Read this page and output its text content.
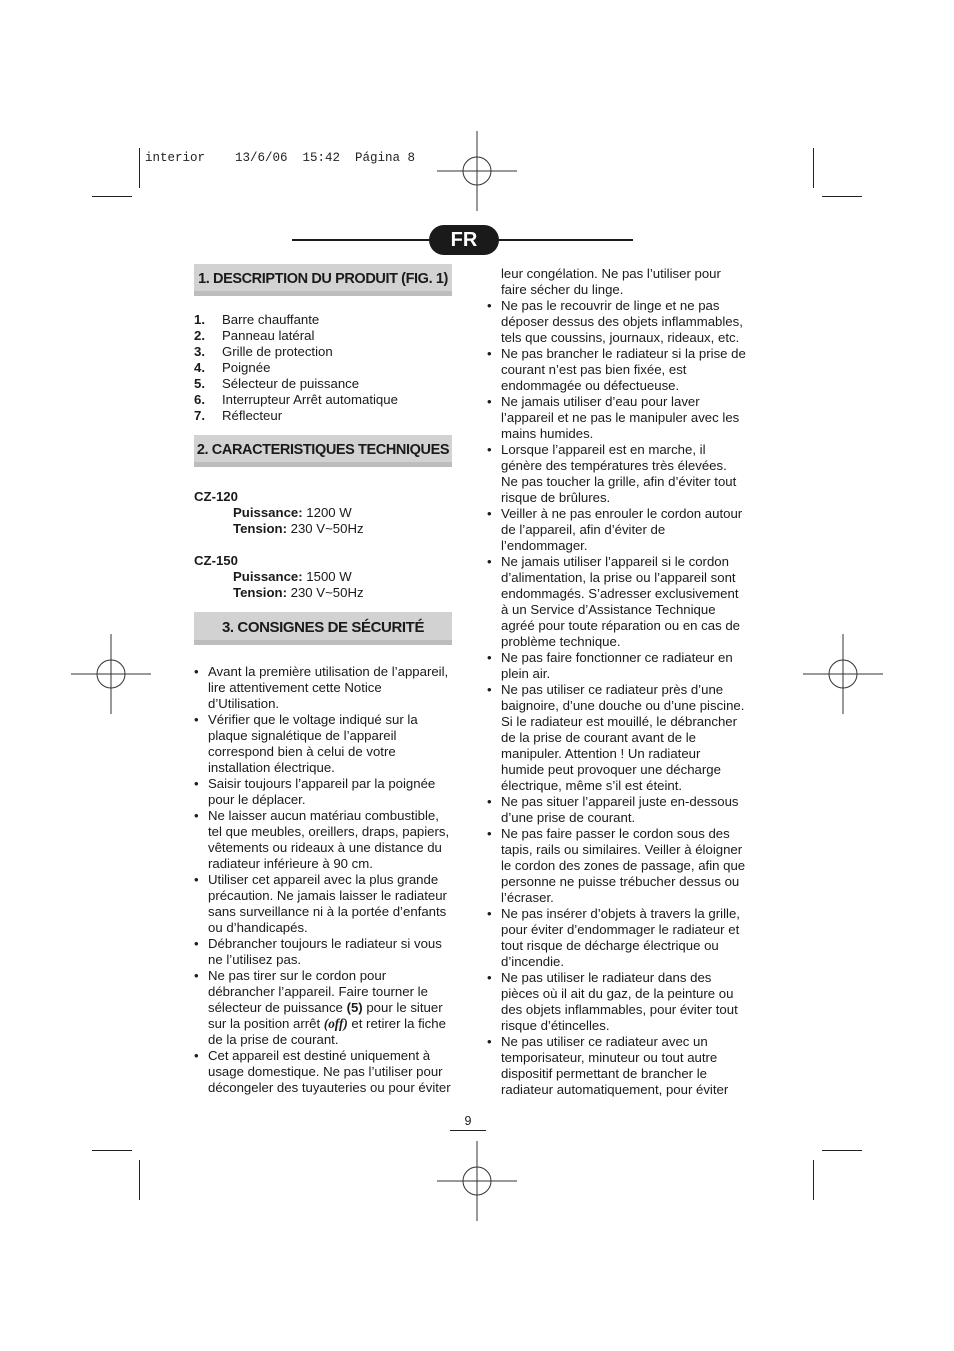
interior    13/6/06  15:42  Página 8
FR
1. DESCRIPTION DU PRODUIT (FIG. 1)
1. Barre chauffante
2. Panneau latéral
3. Grille de protection
4. Poignée
5. Sélecteur de puissance
6. Interrupteur Arrêt automatique
7. Réflecteur
2. CARACTERISTIQUES TECHNIQUES
CZ-120
Puissance: 1200 W
Tension: 230 V~50Hz
CZ-150
Puissance: 1500 W
Tension: 230 V~50Hz
3. CONSIGNES DE SÉCURITÉ
• Avant la première utilisation de l’appareil, lire attentivement cette Notice d’Utilisation.
• Vérifier que le voltage indiqué sur la plaque signalétique de l’appareil correspond bien à celui de votre installation électrique.
• Saisir toujours l’appareil par la poignée pour le déplacer.
• Ne laisser aucun matériau combustible, tel que meubles, oreillers, draps, papiers, vêtements ou rideaux à une distance du radiateur inférieure à 90 cm.
• Utiliser cet appareil avec la plus grande précaution. Ne jamais laisser le radiateur sans surveillance ni à la portée d’enfants ou d’handicapés.
• Débrancher toujours le radiateur si vous ne l’utilisez pas.
• Ne pas tirer sur le cordon pour débrancher l’appareil. Faire tourner le sélecteur de puissance (5) pour le situer sur la position arrêt (off) et retirer la fiche de la prise de courant.
• Cet appareil est destiné uniquement à usage domestique. Ne pas l’utiliser pour décongeler des tuyauteries ou pour éviter
leur congélation. Ne pas l’utiliser pour faire sécher du linge.
• Ne pas le recouvrir de linge et ne pas déposer dessus des objets inflammables, tels que coussins, journaux, rideaux, etc.
• Ne pas brancher le radiateur si la prise de courant n’est pas bien fixée, est endommagée ou défectueuse.
• Ne jamais utiliser d’eau pour laver l’appareil et ne pas le manipuler avec les mains humides.
• Lorsque l’appareil est en marche, il génère des températures très élevées. Ne pas toucher la grille, afin d’éviter tout risque de brûlures.
• Veiller à ne pas enrouler le cordon autour de l’appareil, afin d’éviter de l’endommager.
• Ne jamais utiliser l’appareil si le cordon d’alimentation, la prise ou l’appareil sont endommagés. S’adresser exclusivement à un Service d’Assistance Technique agréé pour toute réparation ou en cas de problème technique.
• Ne pas faire fonctionner ce radiateur en plein air.
• Ne pas utiliser ce radiateur près d’une baignoire, d’une douche ou d’une piscine. Si le radiateur est mouillé, le débrancher de la prise de courant avant de le manipuler. Attention ! Un radiateur humide peut provoquer une décharge électrique, même s’il est éteint.
• Ne pas situer l’appareil juste en-dessous d’une prise de courant.
• Ne pas faire passer le cordon sous des tapis, rails ou similaires. Veiller à éloigner le cordon des zones de passage, afin que personne ne puisse trébucher dessus ou l’écraser.
• Ne pas insérer d’objets à travers la grille, pour éviter d’endommager le radiateur et tout risque de décharge électrique ou d’incendie.
• Ne pas utiliser le radiateur dans des pièces où il ait du gaz, de la peinture ou des objets inflammables, pour éviter tout risque d’étincelles.
• Ne pas utiliser ce radiateur avec un temporisateur, minuteur ou tout autre dispositif permettant de brancher le radiateur automatiquement, pour éviter
9
